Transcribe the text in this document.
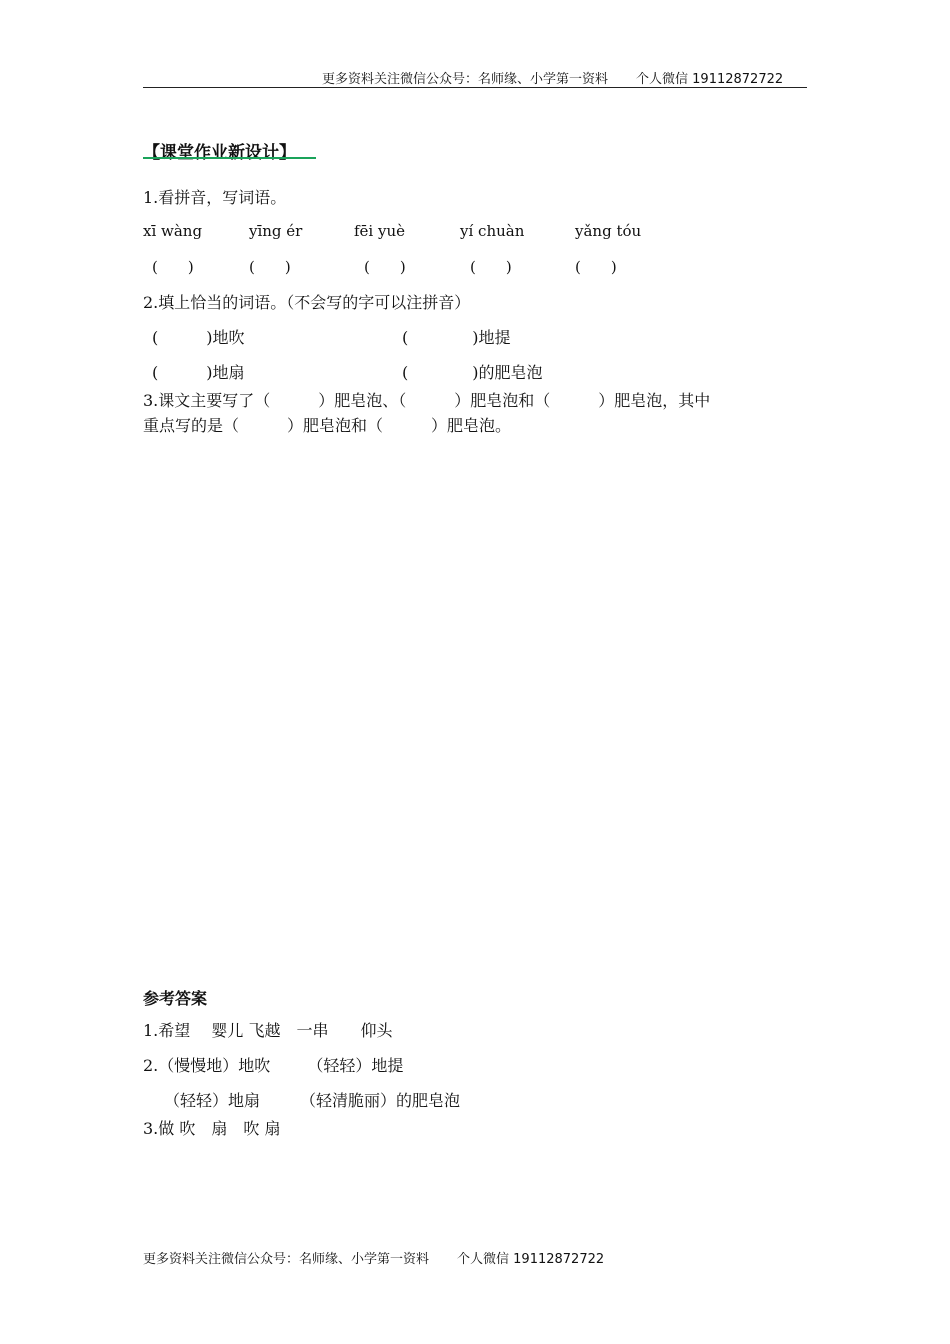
更多资料关注微信公众号：名师缘、小学第一资料 个人微信 19112872722
【课堂作业新设计】
1.看拼音，写词语。
xī wàng	yīng ér	fēi yuè	yí chuàn	yǎng tóu
(　　)	(　　)	(　　)	(　　)	(　　)
2.填上恰当的词语。（不会写的字可以注拼音）
(　　　)地吹	(　　　　)地提
(　　　)地扇	(　　　　)的肥皂泡
3.课文主要写了（　　　）肥皂泡、（　　　）肥皂泡和（　　　）肥皂泡，其中
重点写的是（　　　）肥皂泡和（　　　）肥皂泡。
参考答案
1.希望　 婴儿 飞越　一串　　仰头
2.（慢慢地）地吹　　 （轻轻）地提
（轻轻）地扇　　　（轻清脆丽）的肥皂泡
3.做 吹　扇　吹 扇
更多资料关注微信公众号：名师缘、小学第一资料 个人微信 19112872722
